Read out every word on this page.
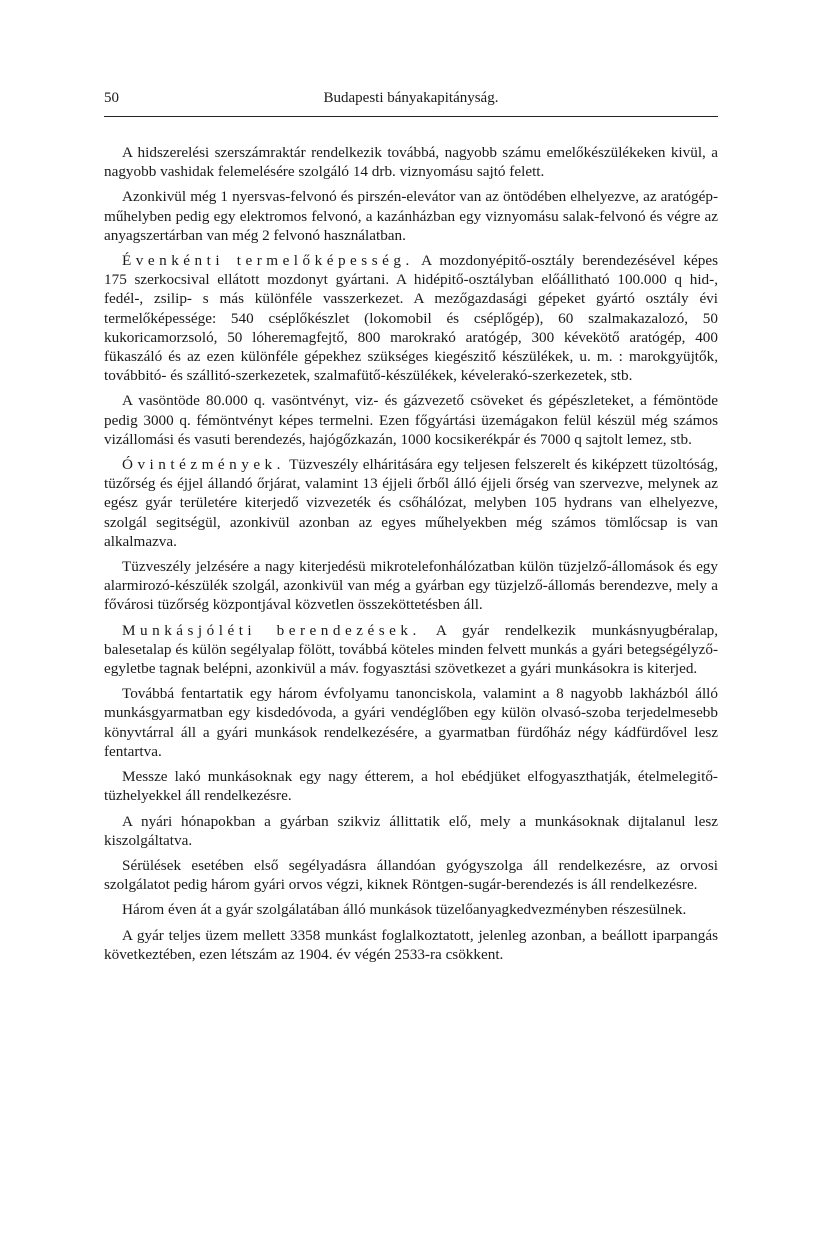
50	Budapesti bányakapitányság.

A hidszerelési szerszámraktár rendelkezik továbbá, nagyobb számu emelőkészülékeken kivül, a nagyobb vashidak felemelésére szolgáló 14 drb. viznyomásu sajtó felett.

Azonkivül még 1 nyersvas-felvonó és pirszén-elevátor van az öntödében elhelyezve, az aratógép-műhelyben pedig egy elektromos felvonó, a kazánházban egy viznyomásu salak-felvonó és végre az anyagszertárban van még 2 felvonó használatban.

Évenkénti termelőképesség. A mozdonyépitő-osztály berendezésével képes 175 szerkocsival ellátott mozdonyt gyártani. A hidépitő-osztályban előállitható 100.000 q hid-, fedél-, zsilip- s más különféle vasszerkezet. A mezőgazdasági gépeket gyártó osztály évi termelőképessége: 540 cséplőkészlet (lokomobil és cséplőgép), 60 szalmakazalozó, 50 kukoricamorzsoló, 50 lóheremagfejtő, 800 marokrakó aratógép, 300 kévekötő aratógép, 400 fükaszáló és az ezen különféle gépekhez szükséges kiegészitő készülékek, u. m. : marokgyüjtők, továbbitó- és szállitó-szerkezetek, szalmafütő-készülékek, kévelerakó-szerkezetek, stb.

A vasöntöde 80.000 q. vasöntvényt, viz- és gázvezető csöveket és gépészleteket, a fémöntöde pedig 3000 q. fémöntvényt képes termelni. Ezen főgyártási üzemágakon felül készül még számos vizállomási és vasuti berendezés, hajógőzkazán, 1000 kocsikerékpár és 7000 q sajtolt lemez, stb.

Óvintézmények. Tüzveszély elháritására egy teljesen felszerelt és kiképzett tüzoltóság, tüzőrség és éjjel állandó őrjárat, valamint 13 éjjeli őrből álló éjjeli őrség van szervezve, melynek az egész gyár területére kiterjedő vizvezeték és csőhálózat, melyben 105 hydrans van elhelyezve, szolgál segitségül, azonkivül azonban az egyes műhelyekben még számos tömlőcsap is van alkalmazva.

Tüzveszély jelzésére a nagy kiterjedésü mikrotelefonhálózatban külön tüzjelző-állomások és egy alarmirozó-készülék szolgál, azonkivül van még a gyárban egy tüzjelző-állomás berendezve, mely a fővárosi tüzőrség központjával közvetlen összeköttetésben áll.

Munkásjóléti berendezések. A gyár rendelkezik munkásnyugbéralap, balesetalap és külön segélyalap fölött, továbbá köteles minden felvett munkás a gyári betegségélyző-egyletbe tagnak belépni, azonkivül a máv. fogyasztási szövetkezet a gyári munkásokra is kiterjed.

Továbbá fentartatik egy három évfolyamu tanonciskola, valamint a 8 nagyobb lakházból álló munkásgyarmatban egy kisdedóvoda, a gyári vendéglőben egy külön olvasó-szoba terjedelmesebb könyvtárral áll a gyári munkások rendelkezésére, a gyarmatban fürdőház négy kádfürdővel lesz fentartva.

Messze lakó munkásoknak egy nagy étterem, a hol ebédjüket elfogyaszthatják, ételmelegitő-tüzhelyekkel áll rendelkezésre.

A nyári hónapokban a gyárban szikviz állittatik elő, mely a munkásoknak dijtalanul lesz kiszolgáltatva.

Sérülések esetében első segélyadásra állandóan gyógyszolga áll rendelkezésre, az orvosi szolgálatot pedig három gyári orvos végzi, kiknek Röntgen-sugár-berendezés is áll rendelkezésre.

Három éven át a gyár szolgálatában álló munkások tüzelőanyagkedvezményben részesülnek.

A gyár teljes üzem mellett 3358 munkást foglalkoztatott, jelenleg azonban, a beállott iparpangás következtében, ezen létszám az 1904. év végén 2533-ra csökkent.
